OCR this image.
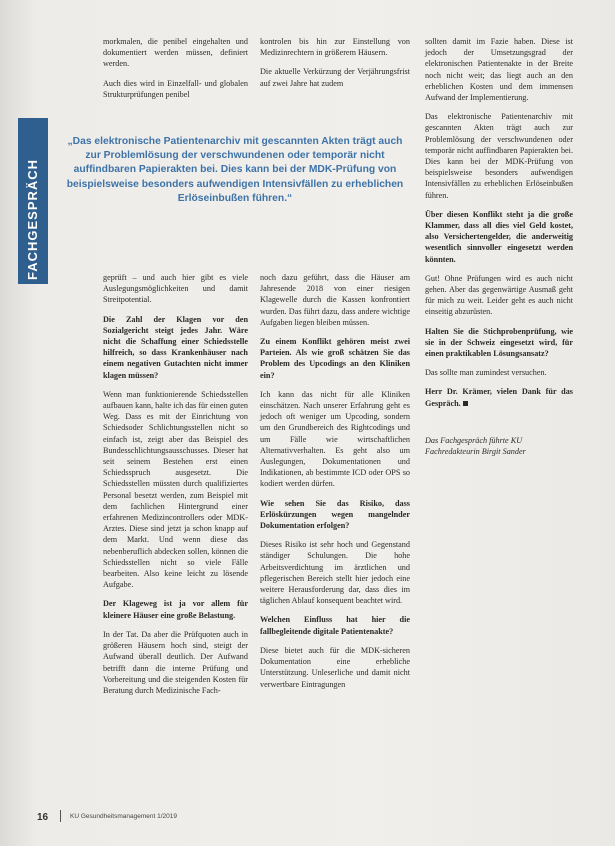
morkmalen, die penibel eingehalten und dokumentiert werden müssen, definiert werden.

Auch dies wird in Einzelfall- und globalen Strukturprüfungen penibel

kontrolen bis hin zur Einstellung von Medizinrechtern in größerem Häusern.

Die aktuelle Verkürzung der Verjährungsfrist auf zwei Jahre hat zudem

FACHGESPRÄCH
„Das elektronische Patientenarchiv mit gescannten Akten trägt auch zur Problemlösung der verschwundenen oder temporär nicht auffindbaren Papierakten bei. Dies kann bei der MDK-Prüfung von beispielsweise besonders aufwendigen Intensivfällen zu erheblichen Erlöseinbußen führen.“

sollten damit im Fazie haben. Diese ist jedoch der Umsetzungsgrad der elektronischen Patientenakte in der Breite noch nicht weit; das liegt auch an den erheblichen Kosten und dem immensen Aufwand der Implementierung.

Das elektronische Patientenarchiv mit gescannten Akten trägt auch zur Problemlösung der verschwundenen oder temporär nicht auffindbaren Papierakten bei. Dies kann bei der MDK-Prüfung von beispielsweise besonders aufwendigen Intensivfällen zu erheblichen Erlöseinbußen führen.

Über diesen Konflikt steht ja die große Klammer, dass all dies viel Geld kostet, also Versichertengelder, die anderweitig wesentlich sinnvoller eingesetzt werden könnten.

Gut! Ohne Prüfungen wird es auch nicht gehen. Aber das gegenwärtige Ausmaß geht für mich zu weit. Leider geht es auch nicht einseitig abzurüsten.

Halten Sie die Stichprobenprüfung, wie sie in der Schweiz eingesetzt wird, für einen praktikablen Lösungsansatz?

Das sollte man zumindest versuchen.

Herr Dr. Krämer, vielen Dank für das Gespräch.

Das Fachgespräch führte KU Fachredakteurin Birgit Sander

geprüft – und auch hier gibt es viele Auslegungsmöglichkeiten und damit Streitpotential.

Die Zahl der Klagen vor den Sozialgericht steigt jedes Jahr. Wäre nicht die Schaffung einer Schiedsstelle hilfreich, so dass Krankenhäuser nach einem negativen Gutachten nicht immer klagen müssen?

Wenn man funktionierende Schiedsstellen aufbauen kann, halte ich das für einen guten Weg. Dass es mit der Einrichtung von Schiedsoder Schlichtungsstellen nicht so einfach ist, zeigt aber das Beispiel des Bundesschlichtungsausschusses. Dieser hat seit seinem Bestehen erst einen Schiedsspruch ausgesetzt. Die Schiedsstellen müssten durch qualifiziertes Personal besetzt werden, zum Beispiel mit dem fachlichen Hintergrund einer erfahrenen Medizincontrollers oder MDK-Arztes. Diese sind jetzt ja schon knapp auf dem Markt. Und wenn diese das nebenberuflich abdecken sollen, können die Schiedsstellen nicht so viele Fälle bearbeiten. Also keine leicht zu lösende Aufgabe.

Der Klageweg ist ja vor allem für kleinere Häuser eine große Belastung.

In der Tat. Da aber die Prüfquoten auch in größeren Häusern hoch sind, steigt der Aufwand überall deutlich. Der Aufwand betrifft dann die interne Prüfung und Vorbereitung und die steigenden Kosten für Beratung durch Medizinische Fach-

noch dazu geführt, dass die Häuser am Jahresende 2018 von einer riesigen Klagewelle durch die Kassen konfrontiert wurden. Das führt dazu, dass andere wichtige Aufgaben liegen bleiben müssen.

Zu einem Konflikt gehören meist zwei Parteien. Als wie groß schätzen Sie das Problem des Upcodings an den Kliniken ein?

Ich kann das nicht für alle Kliniken einschätzen. Nach unserer Erfahrung geht es jedoch oft weniger um Upcoding, sondern um den Grundbereich des Rightcodings und um Fälle wie wirtschaftlichen Alternativverhalten. Es geht also um Auslegungen, Dokumentationen und Indikationen, ab bestimmte ICD oder OPS so kodiert werden dürfen.

Wie sehen Sie das Risiko, dass Erlöskürzungen wegen mangelnder Dokumentation erfolgen?

Dieses Risiko ist sehr hoch und Gegenstand ständiger Schulungen. Die hohe Arbeitsverdichtung im ärztlichen und pflegerischen Bereich stellt hier jedoch eine weitere Herausforderung dar, dass dies im täglichen Ablauf konsequent beachtet wird.

Welchen Einfluss hat hier die fallbegleitende digitale Patientenakte?

Diese bietet auch für die MDK-sicheren Dokumentation eine erhebliche Unterstützung. Unleserliche und damit nicht verwertbare Eintragungen

16	KU Gesundheitsmanagement 1/2019
